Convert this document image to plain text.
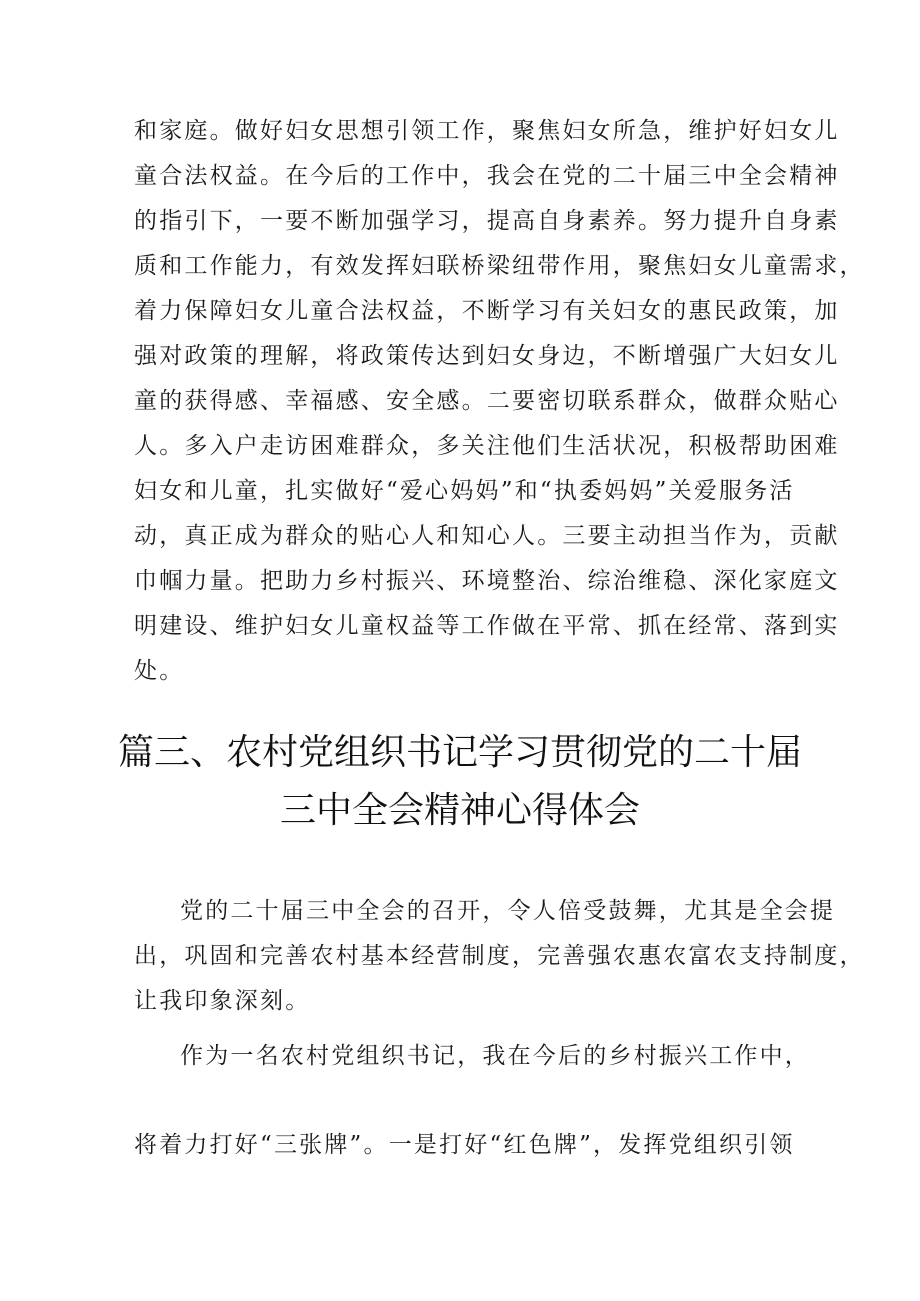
和家庭。做好妇女思想引领工作，聚焦妇女所急，维护好妇女儿
童合法权益。在今后的工作中，我会在党的二十届三中全会精神
的指引下，一要不断加强学习，提高自身素养。努力提升自身素
质和工作能力，有效发挥妇联桥梁纽带作用，聚焦妇女儿童需求，
着力保障妇女儿童合法权益，不断学习有关妇女的惠民政策，加
强对政策的理解，将政策传达到妇女身边，不断增强广大妇女儿
童的获得感、幸福感、安全感。二要密切联系群众，做群众贴心
人。多入户走访困难群众，多关注他们生活状况，积极帮助困难
妇女和儿童，扎实做好“爱心妈妈”和“执委妈妈”关爱服务活
动，真正成为群众的贴心人和知心人。三要主动担当作为，贡献
巾帼力量。把助力乡村振兴、环境整治、综治维稳、深化家庭文
明建设、维护妇女儿童权益等工作做在平常、抓在经常、落到实
处。
篇三、农村党组织书记学习贯彻党的二十届
三中全会精神心得体会
党的二十届三中全会的召开，令人倍受鼓舞，尤其是全会提
出，巩固和完善农村基本经营制度，完善强农惠农富农支持制度，
让我印象深刻。
作为一名农村党组织书记，我在今后的乡村振兴工作中，
将着力打好“三张牌”。一是打好“红色牌”，发挥党组织引领
